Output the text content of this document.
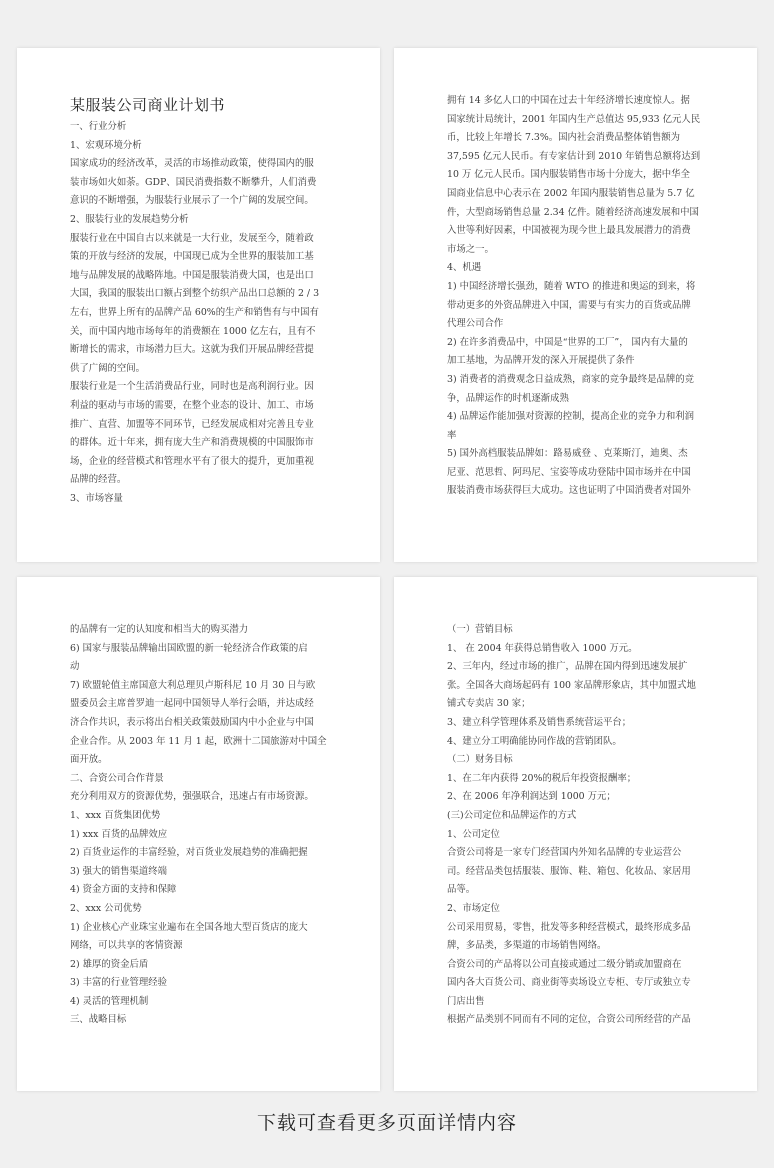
某服装公司商业计划书
一、行业分析
1、宏观环境分析
国家成功的经济改革，灵活的市场推动政策，使得国内的服
装市场如火如荼。GDP、国民消费指数不断攀升，人们消费
意识的不断增强，为服装行业展示了一个广阔的发展空间。
2、服装行业的发展趋势分析
服装行业在中国自古以来就是一大行业，发展至今，随着政
策的开放与经济的发展，中国现已成为全世界的服装加工基
地与品牌发展的战略阵地。中国是服装消费大国，也是出口
大国，我国的服装出口额占到整个纺织产品出口总额的 2 / 3
左右，世界上所有的品牌产品 60%的生产和销售有与中国有
关，而中国内地市场每年的消费额在 1000 亿左右，且有不
断增长的需求，市场潜力巨大。这就为我们开展品牌经营提
供了广阔的空间。
服装行业是一个生活消费品行业，同时也是高利润行业。因
利益的驱动与市场的需要，在整个业态的设计、加工、市场
推广、直营、加盟等不同环节，已经发展成相对完善且专业
的群体。近十年来，拥有庞大生产和消费规模的中国服饰市
场，企业的经营模式和管理水平有了很大的提升，更加重视
品牌的经营。
3、市场容量
拥有 14 多亿人口的中国在过去十年经济增长速度惊人。据
国家统计局统计，2001 年国内生产总值达 95,933 亿元人民
币，比较上年增长 7.3%。国内社会消费品整体销售额为
37,595 亿元人民币。有专家估计到 2010 年销售总额将达到
10 万 亿元人民币。国内服装销售市场十分庞大，据中华全
国商业信息中心表示在 2002 年国内服装销售总量为 5.7 亿
件，大型商场销售总量 2.34 亿件。随着经济高速发展和中国
入世等利好因素，中国被视为现今世上最具发展潜力的消费
市场之一。
4、机遇
1) 中国经济增长强劲，随着 WTO 的推进和奥运的到来，将
带动更多的外资品牌进入中国，需要与有实力的百货或品牌
代理公司合作
2) 在许多消费品中，中国是“世界的工厂”， 国内有大量的
加工基地，为品牌开发的深入开展提供了条件
3) 消费者的消费观念日益成熟，商家的竞争最终是品牌的竞
争，品牌运作的时机逐渐成熟
4) 品牌运作能加强对资源的控制，提高企业的竞争力和利润
率
5) 国外高档服装品牌如：路易威登 、克莱斯汀，迪奥、杰
尼亚、范思哲、阿玛尼、宝姿等成功登陆中国市场并在中国
服装消费市场获得巨大成功。这也证明了中国消费者对国外
的品牌有一定的认知度和相当大的购买潜力
6) 国家与服装品牌输出国欧盟的新一轮经济合作政策的启
动
7) 欧盟轮值主席国意大利总理贝卢斯科尼 10 月 30 日与欧
盟委员会主席普罗迪一起同中国领导人举行会晤，并达成经
济合作共识，表示将出台相关政策鼓励国内中小企业与中国
企业合作。从 2003 年 11 月 1 起，欧洲十二国旅游对中国全
面开放。
二、合资公司合作背景
充分利用双方的资源优势，强强联合，迅速占有市场资源。
1、xxx 百货集团优势
1) xxx 百货的品牌效应
2) 百货业运作的丰富经验，对百货业发展趋势的准确把握
3) 强大的销售渠道终端
4) 资金方面的支持和保障
2、xxx 公司优势
1) 企业核心产业珠宝业遍布在全国各地大型百货店的庞大
网络，可以共享的客情资源
2) 雄厚的资金后盾
3) 丰富的行业管理经验
4) 灵活的管理机制
三、战略目标
（一）营销目标
1、 在 2004 年获得总销售收入 1000 万元。
2、三年内，经过市场的推广，品牌在国内得到迅速发展扩
张。全国各大商场起码有 100 家品牌形象店，其中加盟式地
铺式专卖店 30 家；
3、建立科学管理体系及销售系统营运平台；
4、建立分工明确能协同作战的营销团队。
（二）财务目标
1、在二年内获得 20%的税后年投资报酬率；
2、在 2006 年净利润达到 1000 万元；
(三)公司定位和品牌运作的方式
1、公司定位
合资公司将是一家专门经营国内外知名品牌的专业运营公
司。经营品类包括服装、服饰、鞋、箱包、化妆品、家居用
品等。
2、市场定位
公司采用贸易，零售，批发等多种经营模式，最终形成多品
牌，多品类，多渠道的市场销售网络。
合资公司的产品将以公司直接或通过二级分销或加盟商在
国内各大百货公司、商业街等卖场设立专柜、专厅或独立专
门店出售
根据产品类别不同而有不同的定位，合资公司所经营的产品
下载可查看更多页面详情内容
